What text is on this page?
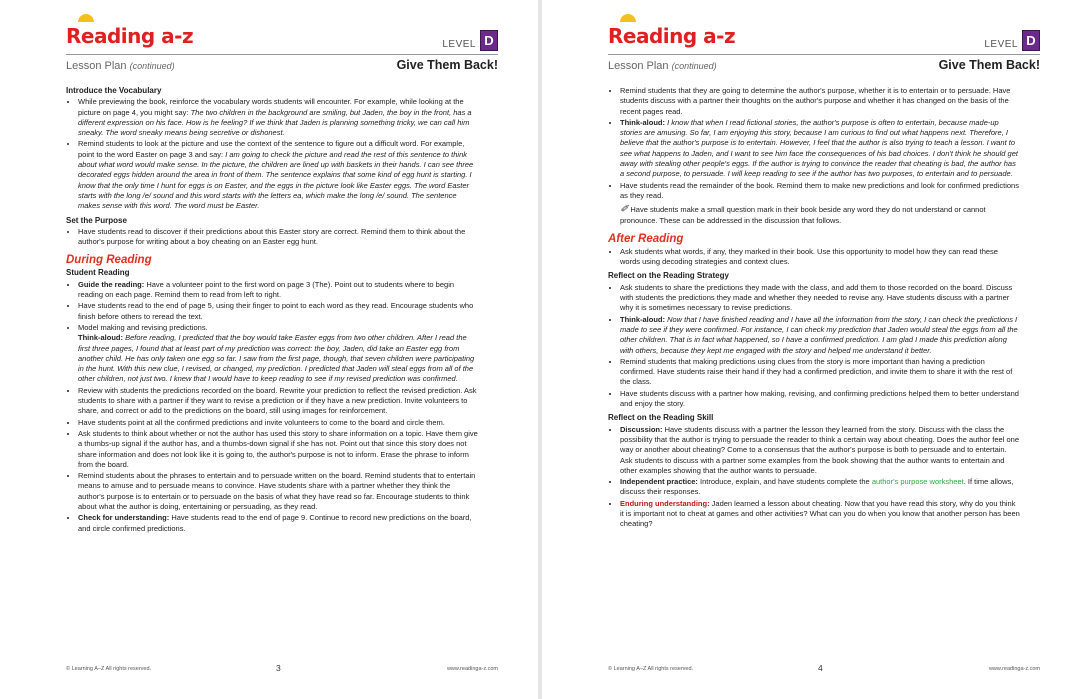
Reading a-z	LEVEL D
Lesson Plan (continued)	Give Them Back!
Introduce the Vocabulary
• While previewing the book, reinforce the vocabulary words students will encounter. For example, while looking at the picture on page 4, you might say: The two children in the background are smiling, but Jaden, the boy in the front, has a different expression on his face. How is he feeling? If we think that Jaden is planning something tricky, we can call him sneaky. The word sneaky means being secretive or dishonest.
• Remind students to look at the picture and use the context of the sentence to figure out a difficult word. For example, point to the word Easter on page 3 and say: I am going to check the picture and read the rest of this sentence to think about what word would make sense. In the picture, the children are lined up with baskets in their hands. I can see three decorated eggs hidden around the area in front of them. The sentence explains that some kind of egg hunt is starting. I know that the only time I hunt for eggs is on Easter, and the eggs in the picture look like Easter eggs. The word Easter starts with the long /e/ sound and this word starts with the letters ea, which make the long /e/ sound. The sentence makes sense with this word. The word must be Easter.
Set the Purpose
• Have students read to discover if their predictions about this Easter story are correct. Remind them to think about the author's purpose for writing about a boy cheating on an Easter egg hunt.
During Reading
Student Reading
• Guide the reading: Have a volunteer point to the first word on page 3 (The). Point out to students where to begin reading on each page. Remind them to read from left to right.
• Have students read to the end of page 5, using their finger to point to each word as they read. Encourage students who finish before others to reread the text.
• Model making and revising predictions.
Think-aloud: Before reading, I predicted that the boy would take Easter eggs from two other children. After I read the first three pages, I found that at least part of my prediction was correct: the boy, Jaden, did take an Easter egg from another child. He has only taken one egg so far. I saw from the first page, though, that seven children were participating in the hunt. With this new clue, I revised, or changed, my prediction. I predicted that Jaden will steal eggs from all of the other children, not just two. I knew that I would have to keep reading to see if my revised prediction was confirmed.
• Review with students the predictions recorded on the board. Rewrite your prediction to reflect the revised prediction. Ask students to share with a partner if they want to revise a prediction or if they have a new prediction. Invite volunteers to share, and correct or add to the predictions on the board, still using images for reinforcement.
• Have students point at all the confirmed predictions and invite volunteers to come to the board and circle them.
• Ask students to think about whether or not the author has used this story to share information on a topic. Have them give a thumbs-up signal if the author has, and a thumbs-down signal if she has not. Point out that since this story does not share information and does not look like it is going to, the author's purpose is not to inform. Erase the phrase to inform from the board.
• Remind students about the phrases to entertain and to persuade written on the board. Remind students that to entertain means to amuse and to persuade means to convince. Have students share with a partner whether they think the author's purpose is to entertain or to persuade on the basis of what they have read so far. Encourage students to think about what the author is doing, entertaining or persuading, as they read.
• Check for understanding: Have students read to the end of page 9. Continue to record new predictions on the board, and circle confirmed predictions.
© Learning A–Z All rights reserved.	3	www.readinga-z.com
Reading a-z	LEVEL D
Lesson Plan (continued)	Give Them Back!
• Remind students that they are going to determine the author's purpose, whether it is to entertain or to persuade. Have students discuss with a partner their thoughts on the author's purpose and whether it has changed on the basis of the recent pages read.
• Think-aloud: I know that when I read fictional stories, the author's purpose is often to entertain, because made-up stories are amusing. So far, I am enjoying this story, because I am curious to find out what happens next. Therefore, I believe that the author's purpose is to entertain. However, I feel that the author is also trying to teach a lesson. I want to see what happens to Jaden, and I want to see him face the consequences of his bad choices. I don't think he should get away with stealing other people's eggs. If the author is trying to convince the reader that cheating is bad, the author has a second purpose, to persuade. I will keep reading to see if the author has two purposes, to entertain and to persuade.
• Have students read the remainder of the book. Remind them to make new predictions and look for confirmed predictions as they read.
✐ Have students make a small question mark in their book beside any word they do not understand or cannot pronounce. These can be addressed in the discussion that follows.
After Reading
• Ask students what words, if any, they marked in their book. Use this opportunity to model how they can read these words using decoding strategies and context clues.
Reflect on the Reading Strategy
• Ask students to share the predictions they made with the class, and add them to those recorded on the board. Discuss with students the predictions they made and whether they needed to revise any. Have students discuss with a partner why it is sometimes necessary to revise predictions.
• Think-aloud: Now that I have finished reading and I have all the information from the story, I can check the predictions I made to see if they were confirmed. For instance, I can check my prediction that Jaden would steal the eggs from all the other children. That is in fact what happened, so I have a confirmed prediction. I am glad I made this prediction along with others, because they kept me engaged with the story and helped me understand it better.
• Remind students that making predictions using clues from the story is more important than having a prediction confirmed. Have students raise their hand if they had a confirmed prediction, and invite them to share it with the rest of the class.
• Have students discuss with a partner how making, revising, and confirming predictions helped them to better understand and enjoy the story.
Reflect on the Reading Skill
• Discussion: Have students discuss with a partner the lesson they learned from the story. Discuss with the class the possibility that the author is trying to persuade the reader to think a certain way about cheating. Does the author feel one way or another about cheating? Come to a consensus that the author's purpose is both to persuade and to entertain. Ask students to discuss with a partner some examples from the book showing that the author wants to entertain and other examples showing that the author wants to persuade.
• Independent practice: Introduce, explain, and have students complete the author's purpose worksheet. If time allows, discuss their responses.
• Enduring understanding: Jaden learned a lesson about cheating. Now that you have read this story, why do you think it is important not to cheat at games and other activities? What can you do when you know that another person has been cheating?
© Learning A–Z All rights reserved.	4	www.readinga-z.com
